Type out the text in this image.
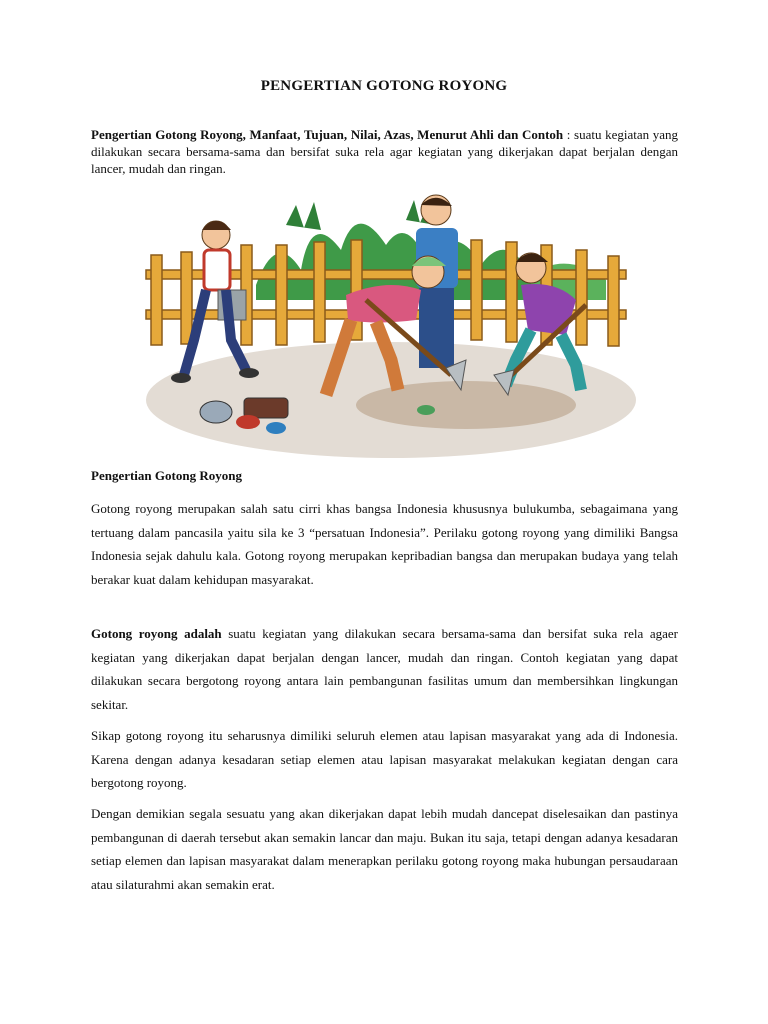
PENGERTIAN GOTONG ROYONG
Pengertian Gotong Royong, Manfaat, Tujuan, Nilai, Azas, Menurut Ahli dan Contoh : suatu kegiatan yang dilakukan secara bersama-sama dan bersifat suka rela agar kegiatan yang dikerjakan dapat berjalan dengan lancer, mudah dan ringan.
Pengertian Gotong Royong
Gotong royong merupakan salah satu cirri khas bangsa Indonesia khususnya bulukumba, sebagaimana yang tertuang dalam pancasila yaitu sila ke 3 “persatuan Indonesia”. Perilaku gotong royong yang dimiliki Bangsa Indonesia sejak dahulu kala. Gotong royong merupakan kepribadian bangsa dan merupakan budaya yang telah berakar kuat dalam kehidupan masyarakat.
Gotong royong adalah suatu kegiatan yang dilakukan secara bersama-sama dan bersifat suka rela agaer kegiatan yang dikerjakan dapat berjalan dengan lancer, mudah dan ringan. Contoh kegiatan yang dapat dilakukan secara bergotong royong antara lain pembangunan fasilitas umum dan membersihkan lingkungan sekitar.
Sikap gotong royong itu seharusnya dimiliki seluruh elemen atau lapisan masyarakat yang ada di Indonesia. Karena dengan adanya kesadaran setiap elemen atau lapisan masyarakat melakukan kegiatan dengan cara bergotong royong.
Dengan demikian segala sesuatu yang akan dikerjakan dapat lebih mudah dancepat diselesaikan dan pastinya pembangunan di daerah tersebut akan semakin lancar dan maju. Bukan itu saja, tetapi dengan adanya kesadaran setiap elemen dan lapisan masyarakat dalam menerapkan perilaku gotong royong maka hubungan persaudaraan atau silaturahmi akan semakin erat.
